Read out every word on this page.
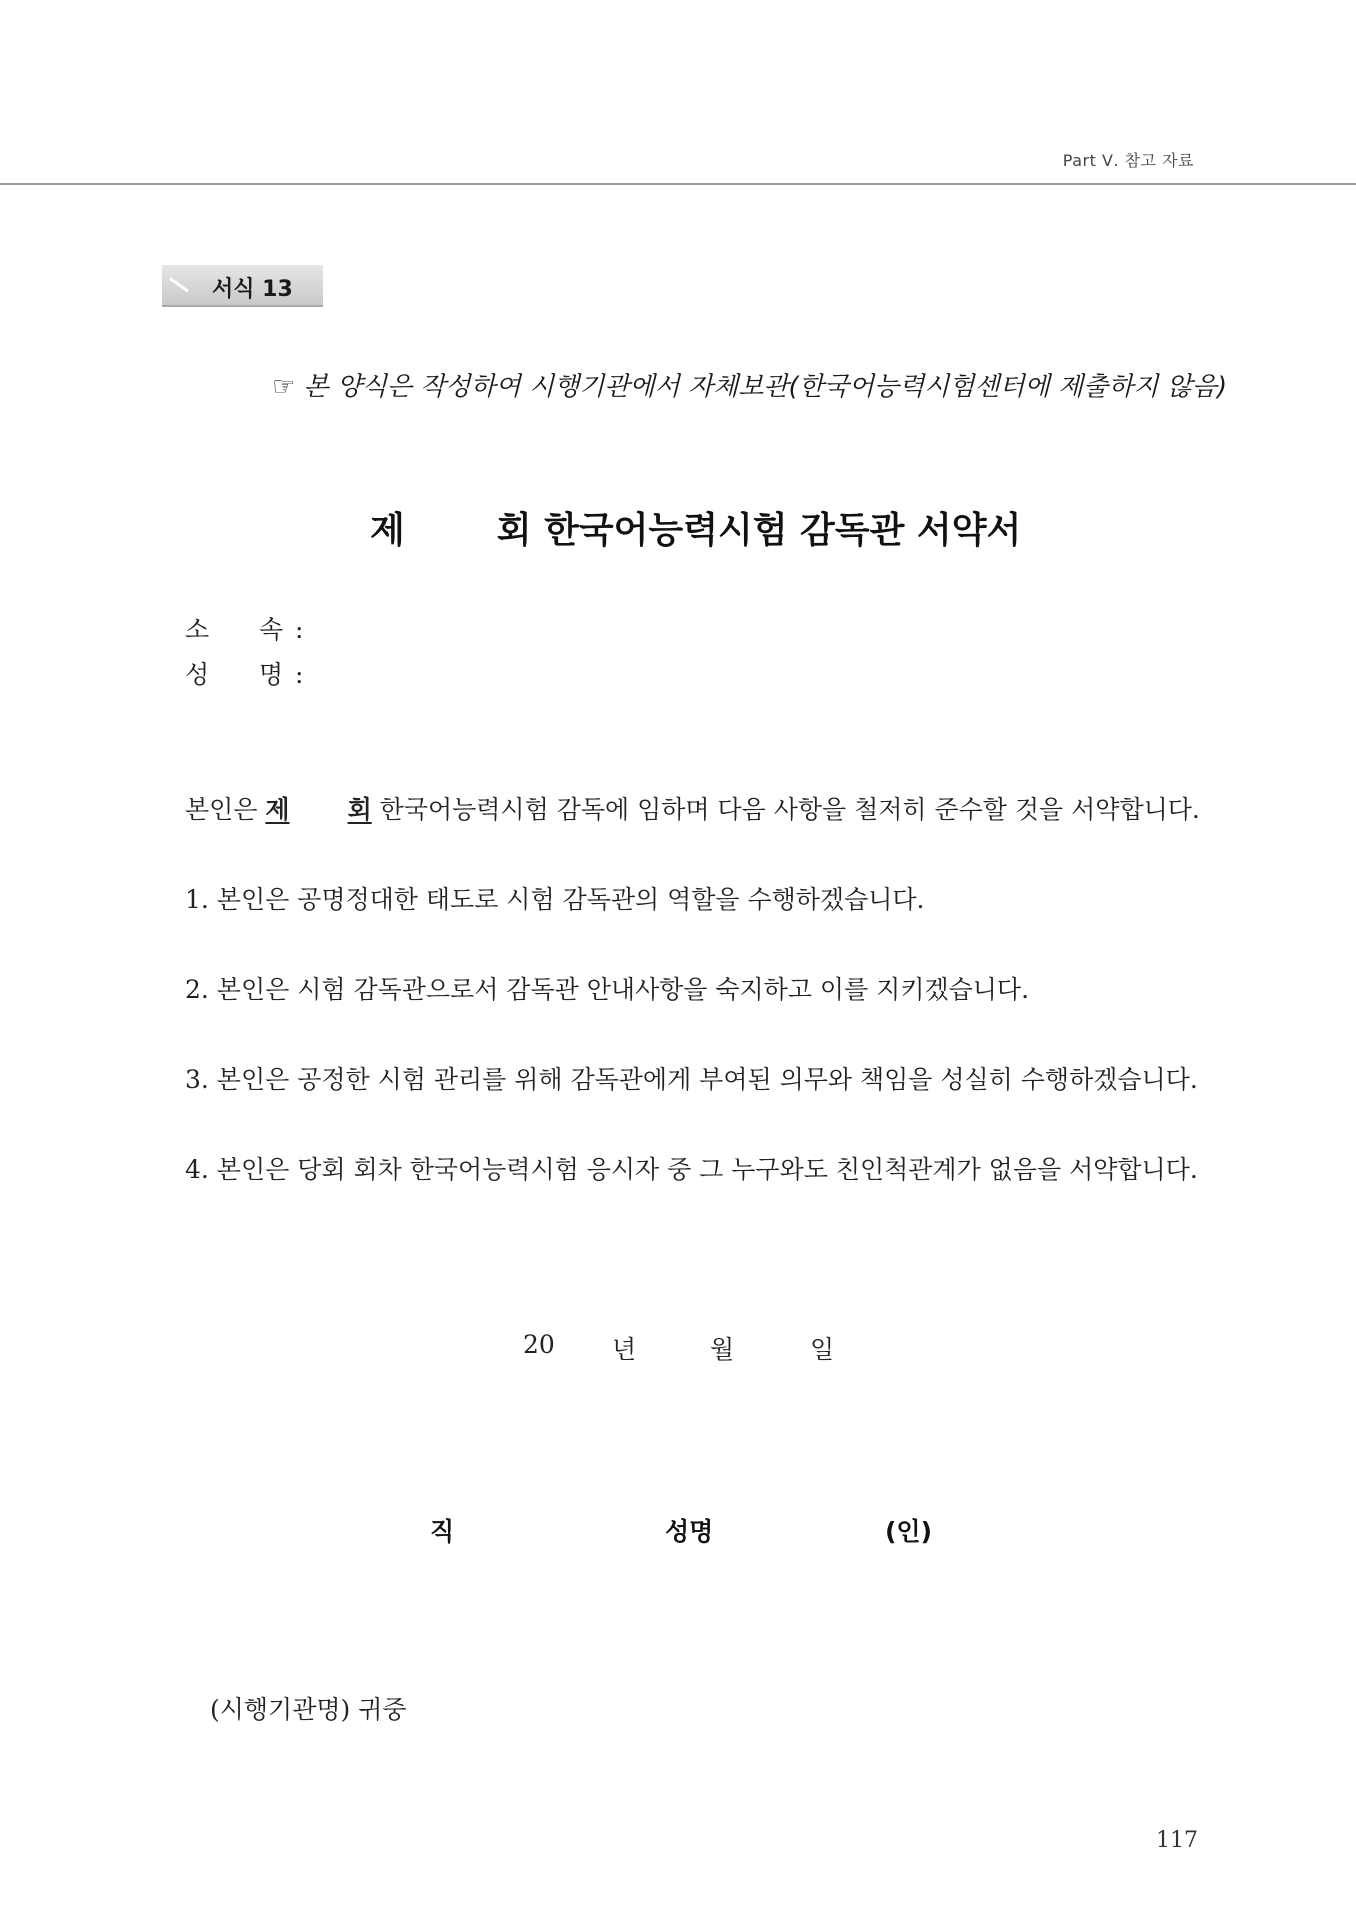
Part Ⅴ. 참고 자료
서식 13
☞ 본 양식은 작성하여 시행기관에서 자체보관(한국어능력시험센터에 제출하지 않음)
제	회 한국어능력시험 감독관 서약서
소 속 :
성 명 :
본인은 제 회 한국어능력시험 감독에 임하며 다음 사항을 철저히 준수할 것을 서약합니다.
1. 본인은 공명정대한 태도로 시험 감독관의 역할을 수행하겠습니다.
2. 본인은 시험 감독관으로서 감독관 안내사항을 숙지하고 이를 지키겠습니다.
3. 본인은 공정한 시험 관리를 위해 감독관에게 부여된 의무와 책임을 성실히 수행하겠습니다.
4. 본인은 당회 회차 한국어능력시험 응시자 중 그 누구와도 친인척관계가 없음을 서약합니다.
20 년	월	일
직	성명	(인)
(시행기관명) 귀중
117
